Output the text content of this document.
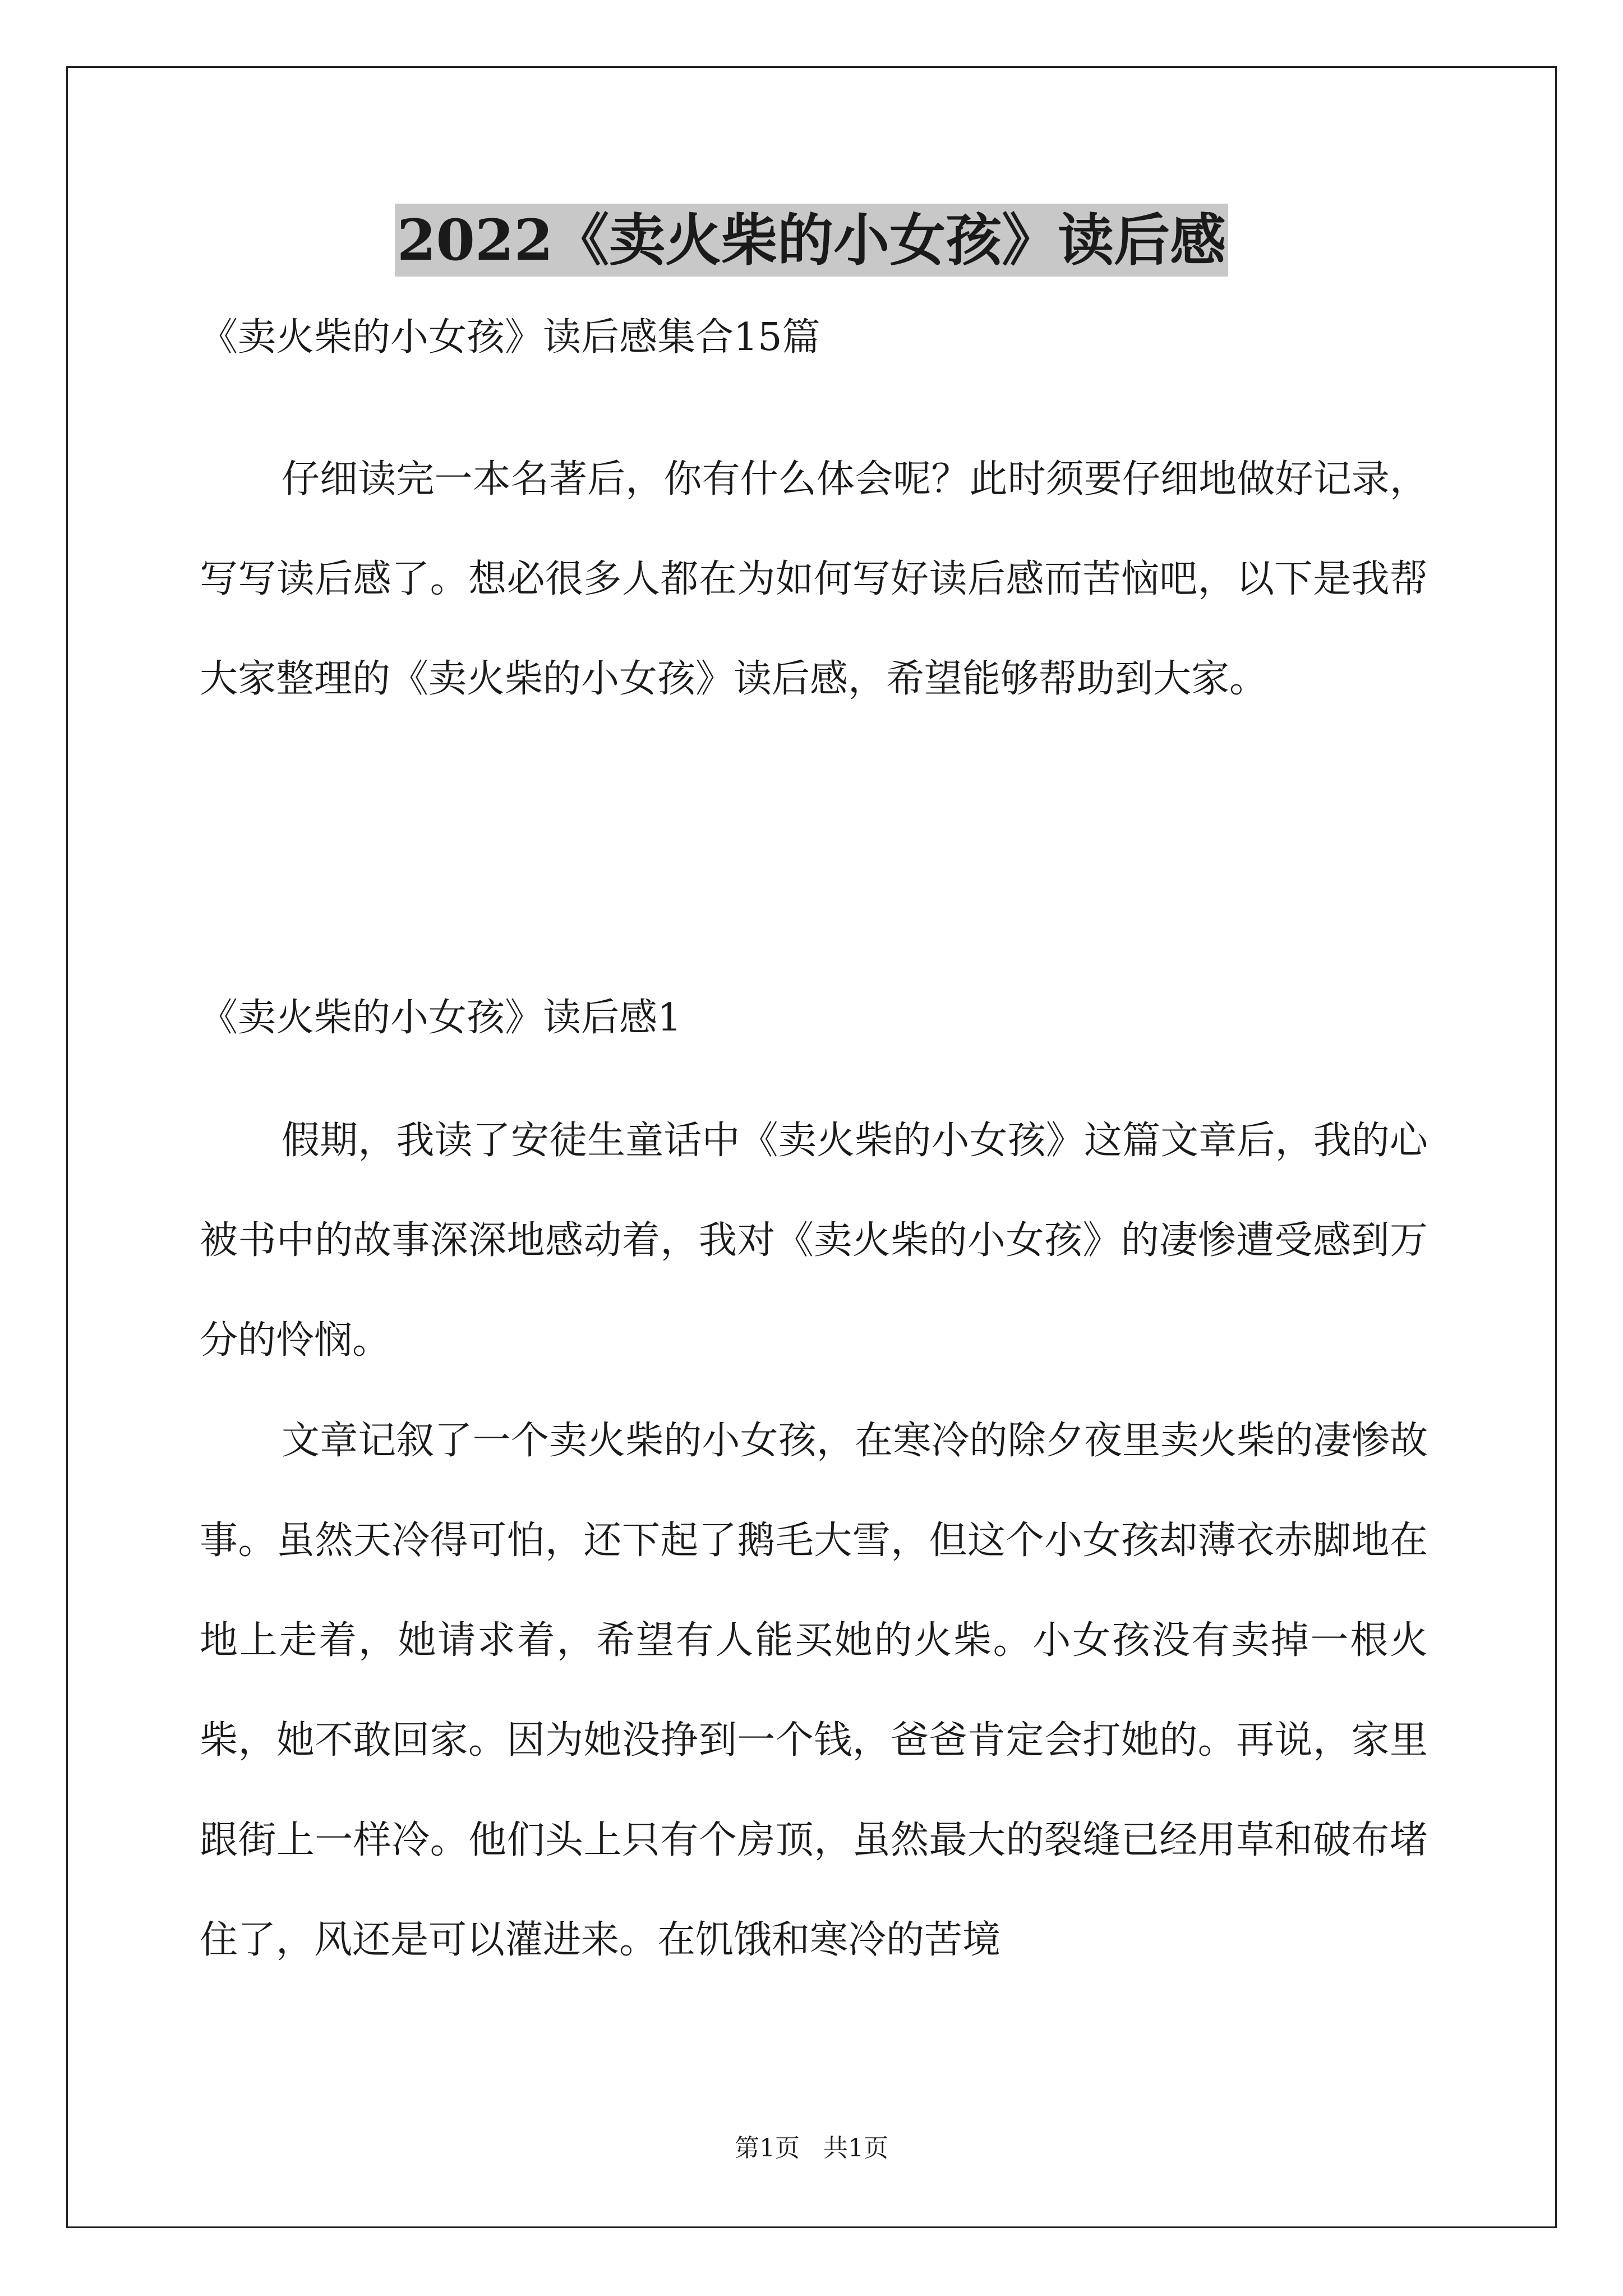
2022《卖火柴的小女孩》读后感
《卖火柴的小女孩》读后感集合15篇
仔细读完一本名著后，你有什么体会呢？此时须要仔细地做好记录，写写读后感了。想必很多人都在为如何写好读后感而苦恼吧，以下是我帮大家整理的《卖火柴的小女孩》读后感，希望能够帮助到大家。
《卖火柴的小女孩》读后感1
假期，我读了安徒生童话中《卖火柴的小女孩》这篇文章后，我的心被书中的故事深深地感动着，我对《卖火柴的小女孩》的凄惨遭受感到万分的怜悯。
文章记叙了一个卖火柴的小女孩，在寒冷的除夕夜里卖火柴的凄惨故事。虽然天冷得可怕，还下起了鹅毛大雪，但这个小女孩却薄衣赤脚地在地上走着，她请求着，希望有人能买她的火柴。小女孩没有卖掉一根火柴，她不敢回家。因为她没挣到一个钱，爸爸肯定会打她的。再说，家里跟街上一样冷。他们头上只有个房顶，虽然最大的裂缝已经用草和破布堵住了，风还是可以灌进来。在饥饿和寒冷的苦境
第1页   共1页
